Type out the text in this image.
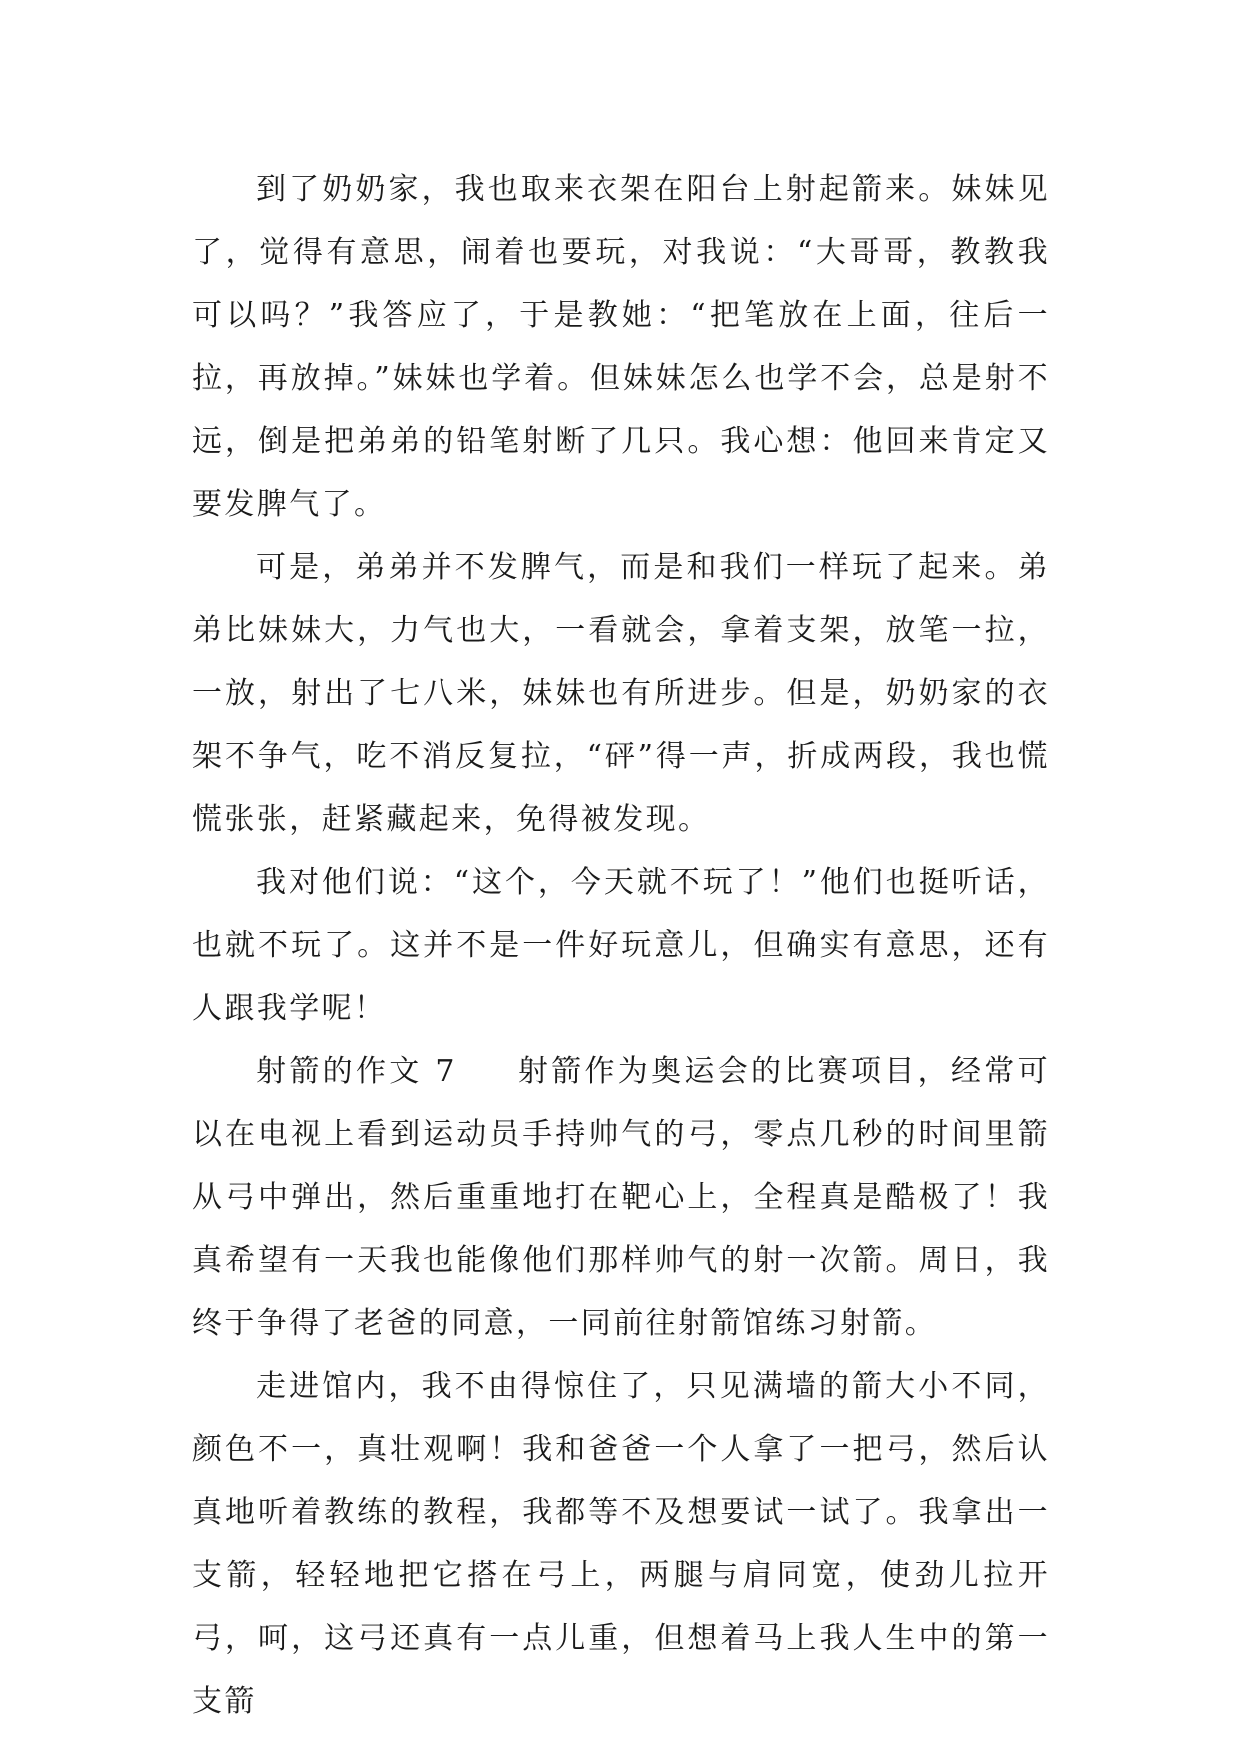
到了奶奶家，我也取来衣架在阳台上射起箭来。妹妹见了，觉得有意思，闹着也要玩，对我说：“大哥哥，教教我可以吗？”我答应了，于是教她：“把笔放在上面，往后一拉，再放掉。”妹妹也学着。但妹妹怎么也学不会，总是射不远，倒是把弟弟的铅笔射断了几只。我心想：他回来肯定又要发脾气了。

可是，弟弟并不发脾气，而是和我们一样玩了起来。弟弟比妹妹大，力气也大，一看就会，拿着支架，放笔一拉，一放，射出了七八米，妹妹也有所进步。但是，奶奶家的衣架不争气，吃不消反复拉，“砰”得一声，折成两段，我也慌慌张张，赶紧藏起来，免得被发现。

我对他们说：“这个，今天就不玩了！”他们也挺听话，也就不玩了。这并不是一件好玩意儿，但确实有意思，还有人跟我学呢！

射箭的作文 7 射箭作为奥运会的比赛项目，经常可以在电视上看到运动员手持帅气的弓，零点几秒的时间里箭从弓中弹出，然后重重地打在靶心上，全程真是酷极了！我真希望有一天我也能像他们那样帅气的射一次箭。周日，我终于争得了老爸的同意，一同前往射箭馆练习射箭。

走进馆内，我不由得惊住了，只见满墙的箭大小不同，颜色不一，真壮观啊！我和爸爸一个人拿了一把弓，然后认真地听着教练的教程，我都等不及想要试一试了。我拿出一支箭，轻轻地把它搭在弓上，两腿与肩同宽，使劲儿拉开弓，呵，这弓还真有一点儿重，但想着马上我人生中的第一支箭
